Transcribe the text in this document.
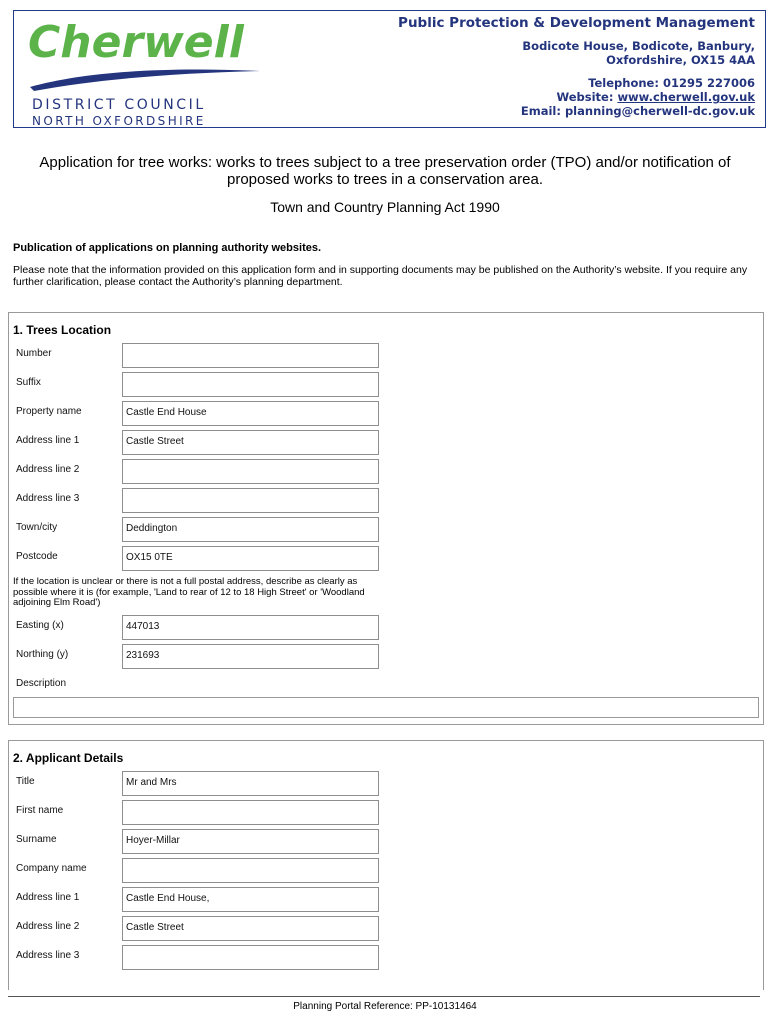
Cherwell
DISTRICT COUNCIL
NORTH OXFORDSHIRE
Public Protection & Development Management
Bodicote House, Bodicote, Banbury,
Oxfordshire, OX15 4AA
Telephone: 01295 227006
Website: www.cherwell.gov.uk
Email: planning@cherwell-dc.gov.uk
Application for tree works: works to trees subject to a tree preservation order (TPO) and/or notification of proposed works to trees in a conservation area.
Town and Country Planning Act 1990
Publication of applications on planning authority websites.
Please note that the information provided on this application form and in supporting documents may be published on the Authority’s website. If you require any further clarification, please contact the Authority’s planning department.
1. Trees Location
Number
Suffix
Property name	Castle End House
Address line 1	Castle Street
Address line 2
Address line 3
Town/city	Deddington
Postcode	OX15 0TE
If the location is unclear or there is not a full postal address, describe as clearly as possible where it is (for example, 'Land to rear of 12 to 18 High Street' or 'Woodland adjoining Elm Road')
Easting (x)	447013
Northing (y)	231693
Description
2. Applicant Details
Title	Mr and Mrs
First name
Surname	Hoyer-Millar
Company name
Address line 1	Castle End House,
Address line 2	Castle Street
Address line 3
Planning Portal Reference: PP-10131464
